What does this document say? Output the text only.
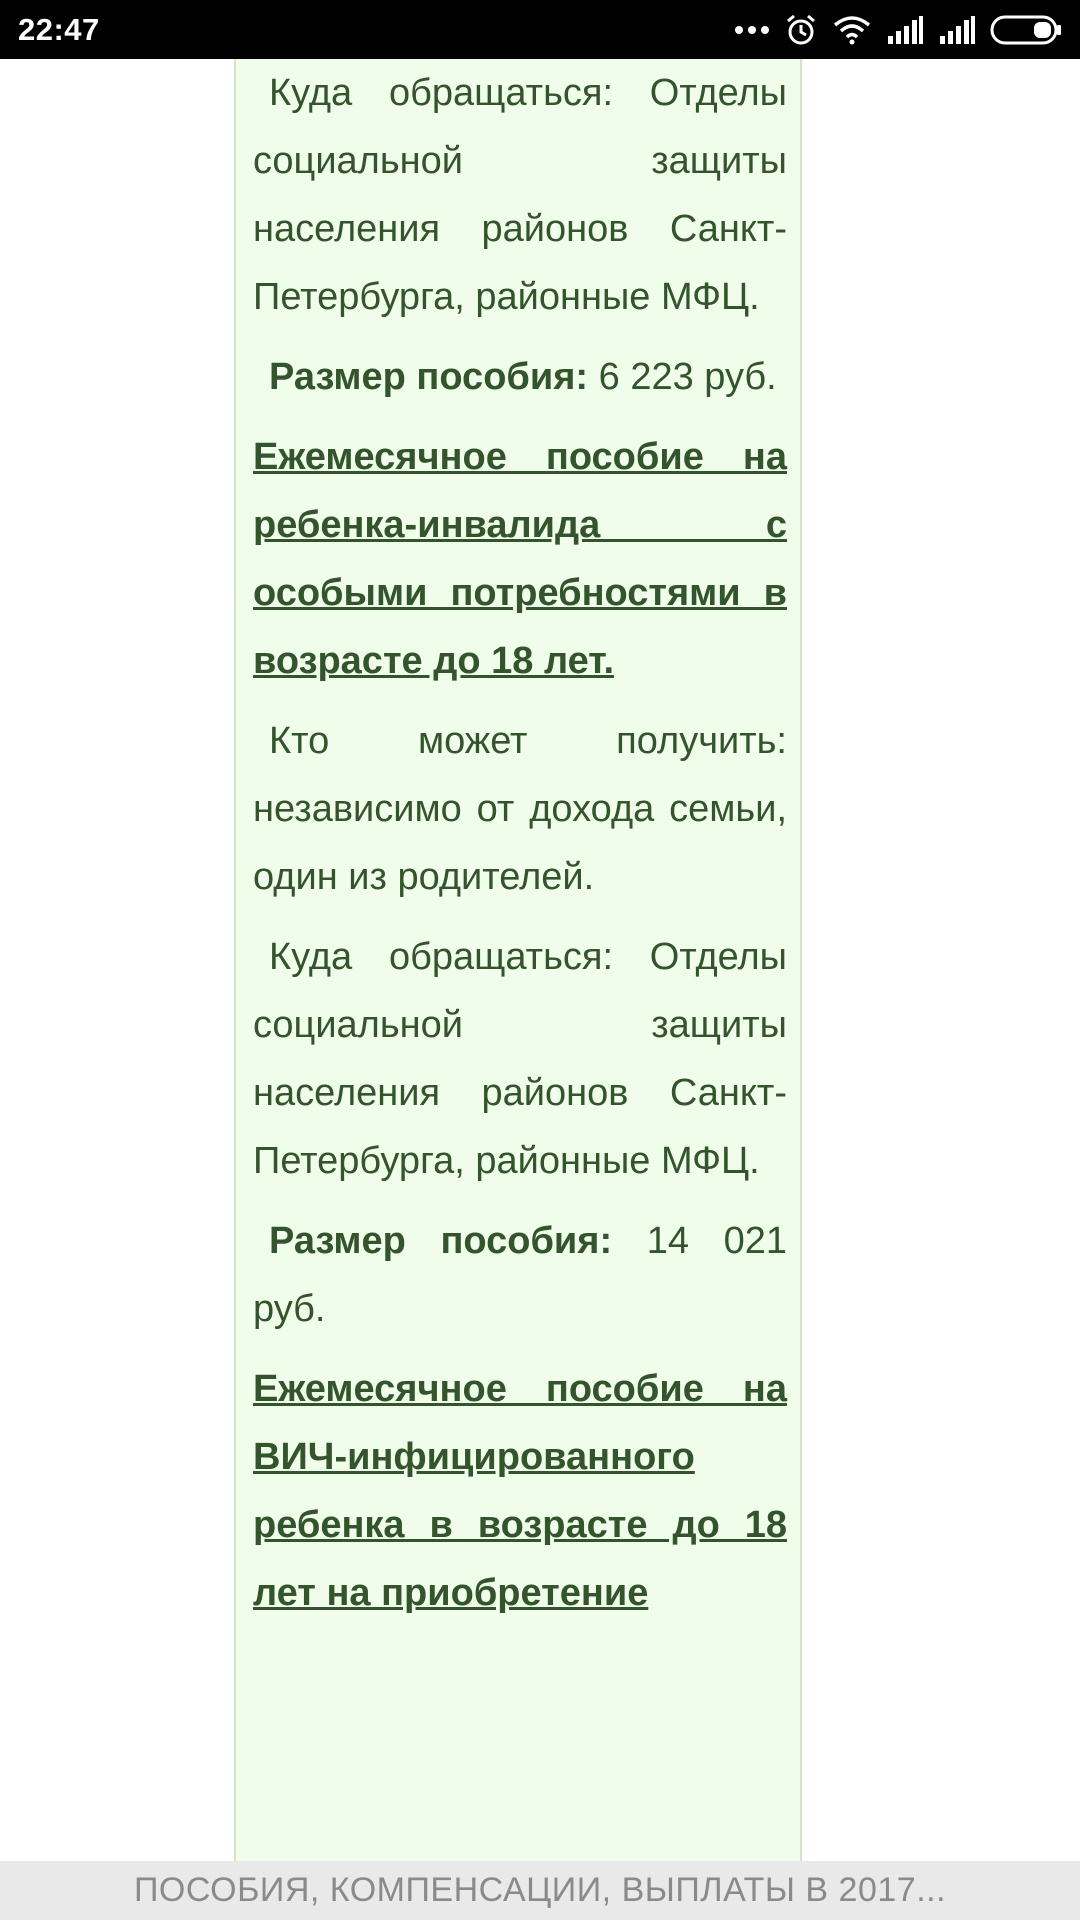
22:47

Куда обращаться: Отделы социальной защиты населения районов Санкт-Петербурга, районные МФЦ.

Размер пособия: 6 223 руб.

Ежемесячное пособие на ребенка-инвалида с особыми потребностями в возрасте до 18 лет.

Кто может получить: независимо от дохода семьи, один из родителей.

Куда обращаться: Отделы социальной защиты населения районов Санкт-Петербурга, районные МФЦ.

Размер пособия: 14 021 руб.

Ежемесячное пособие на ВИЧ-инфицированного ребенка в возрасте до 18 лет на приобретение

ПОСОБИЯ, КОМПЕНСАЦИИ, ВЫПЛАТЫ В 2017...
